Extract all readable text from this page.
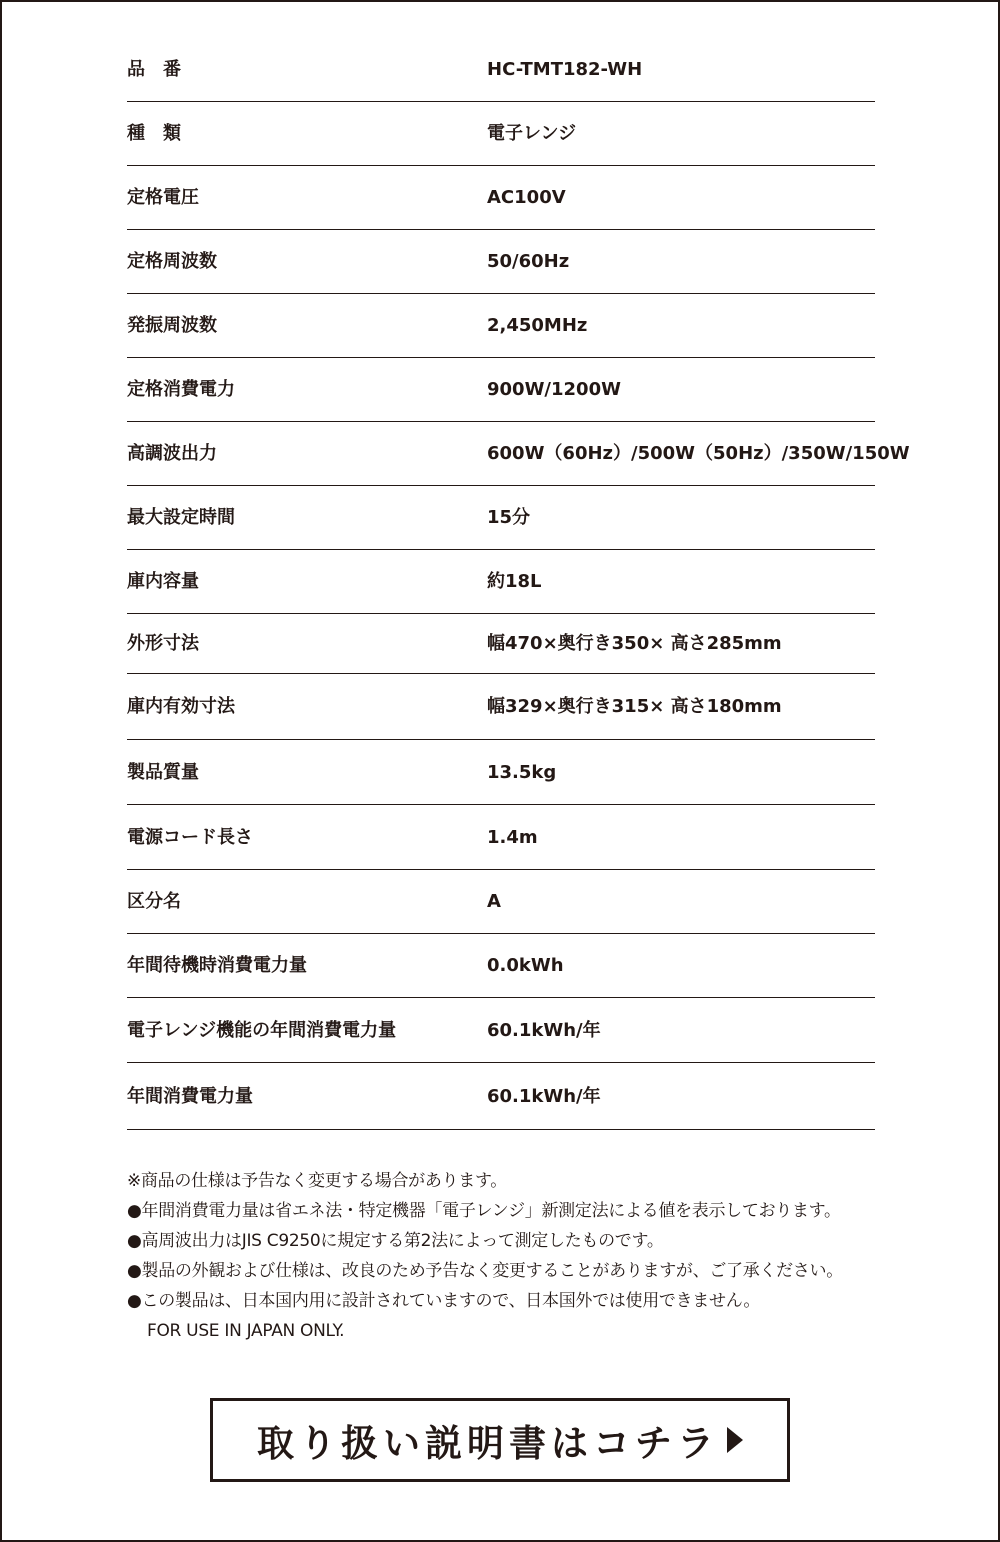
品　番	HC-TMT182-WH
種　類	電子レンジ
定格電圧	AC100V
定格周波数	50/60Hz
発振周波数	2,450MHz
定格消費電力	900W/1200W
高調波出力	600W（60Hz）/500W（50Hz）/350W/150W
最大設定時間	15分
庫内容量	約18L
外形寸法	幅470×奥行き350× 高さ285mm
庫内有効寸法	幅329×奥行き315× 高さ180mm
製品質量	13.5kg
電源コード長さ	1.4m
区分名	A
年間待機時消費電力量	0.0kWh
電子レンジ機能の年間消費電力量	60.1kWh/年
年間消費電力量	60.1kWh/年
※商品の仕様は予告なく変更する場合があります。
●年間消費電力量は省エネ法・特定機器「電子レンジ」新測定法による値を表示しております。
●高周波出力はJIS C9250に規定する第2法によって測定したものです。
●製品の外観および仕様は、改良のため予告なく変更することがありますが、ご了承ください。
●この製品は、日本国内用に設計されていますので、日本国外では使用できません。
FOR USE IN JAPAN ONLY.
取り扱い説明書はコチラ
